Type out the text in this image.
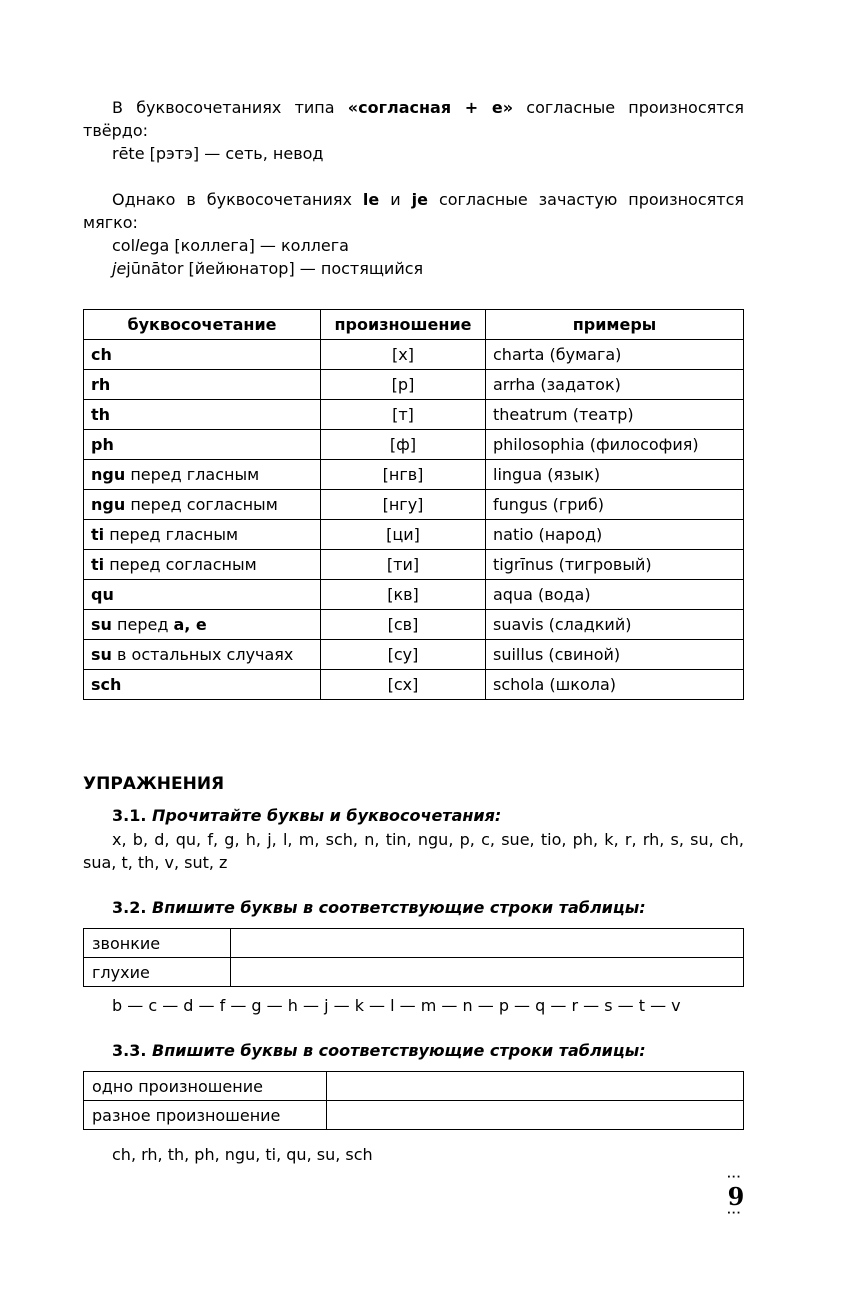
В буквосочетаниях типа «согласная + e» согласные произносятся твёрдо:
rēte [рэтэ] — сеть, невод
Однако в буквосочетаниях le и je согласные зачастую произносятся мягко:
collega [коллега] — коллега
jejūnātor [йейюнатор] — постящийся
буквосочетание	произношение	примеры
ch	[х]	charta (бумага)
rh	[р]	arrha (задаток)
th	[т]	theatrum (театр)
ph	[ф]	philosophia (философия)
ngu перед гласным	[нгв]	lingua (язык)
ngu перед согласным	[нгу]	fungus (гриб)
ti перед гласным	[ци]	natio (народ)
ti перед согласным	[ти]	tigrīnus (тигровый)
qu	[кв]	aqua (вода)
su перед a, e	[св]	suavis (сладкий)
su в остальных случаях	[су]	suillus (свиной)
sch	[сх]	schola (школа)
УПРАЖНЕНИЯ
3.1. Прочитайте буквы и буквосочетания:
x, b, d, qu, f, g, h, j, l, m, sch, n, tin, ngu, p, c, sue, tio, ph, k, r, rh, s, su, ch, sua, t, th, v, sut, z
3.2. Впишите буквы в соответствующие строки таблицы:
звонкие	
глухие	
b — c — d — f — g — h — j — k — l — m — n — p — q — r — s — t — v
3.3. Впишите буквы в соответствующие строки таблицы:
одно произношение	
разное произношение	
ch, rh, th, ph, ngu, ti, qu, su, sch
···
9
···
